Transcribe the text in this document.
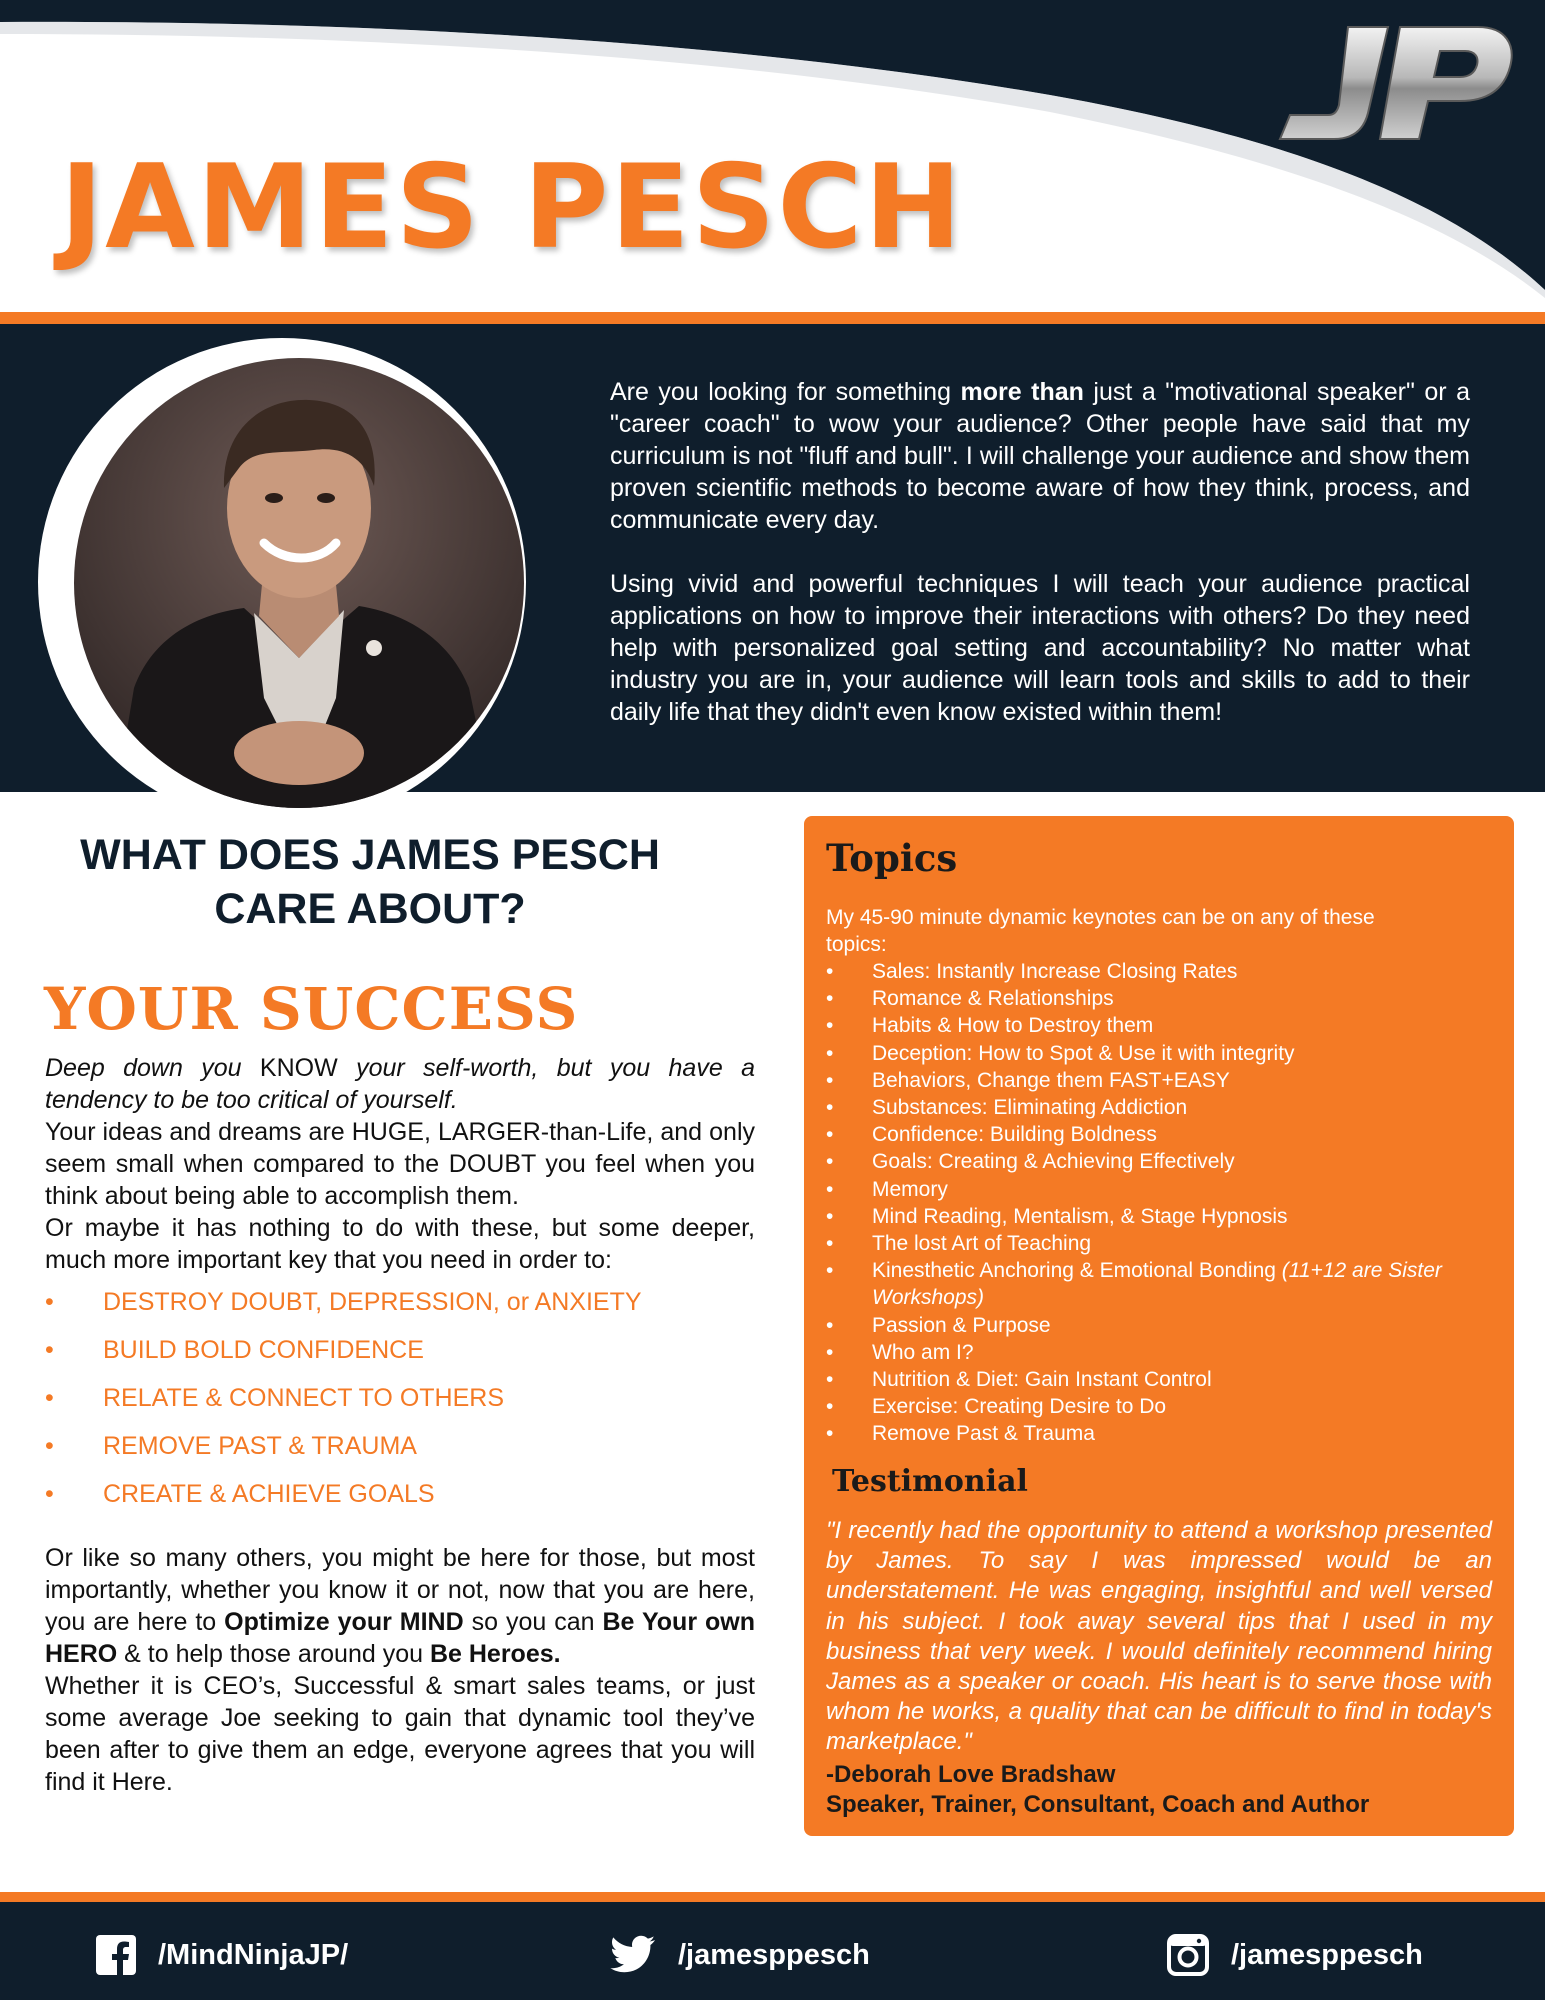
JAMES PESCH

Are you looking for something more than just a "motivational speaker" or a "career coach" to wow your audience? Other people have said that my curriculum is not "fluff and bull". I will challenge your audience and show them proven scientific methods to become aware of how they think, process, and communicate every day.

Using vivid and powerful techniques I will teach your audience practical applications on how to improve their interactions with others? Do they need help with personalized goal setting and accountability? No matter what industry you are in, your audience will learn tools and skills to add to their daily life that they didn't even know existed within them!

WHAT DOES JAMES PESCH
CARE ABOUT?
YOUR SUCCESS

Deep down you KNOW your self-worth, but you have a tendency to be too critical of yourself.

Your ideas and dreams are HUGE, LARGER-than-Life, and only seem small when compared to the DOUBT you feel when you think about being able to accomplish them.

Or maybe it has nothing to do with these, but some deeper, much more important key that you need in order to:

• DESTROY DOUBT, DEPRESSION, or ANXIETY
• BUILD BOLD CONFIDENCE
• RELATE & CONNECT TO OTHERS
• REMOVE PAST & TRAUMA
• CREATE & ACHIEVE GOALS

Or like so many others, you might be here for those, but most importantly, whether you know it or not, now that you are here, you are here to Optimize your MIND so you can Be Your own HERO & to help those around you Be Heroes.

Whether it is CEO’s, Successful & smart sales teams, or just some average Joe seeking to gain that dynamic tool they’ve been after to give them an edge, everyone agrees that you will find it Here.

Topics
My 45-90 minute dynamic keynotes can be on any of these topics:
• Sales: Instantly Increase Closing Rates
• Romance & Relationships
• Habits & How to Destroy them
• Deception: How to Spot & Use it with integrity
• Behaviors, Change them FAST+EASY
• Substances: Eliminating Addiction
• Confidence: Building Boldness
• Goals: Creating & Achieving Effectively
• Memory
• Mind Reading, Mentalism, & Stage Hypnosis
• The lost Art of Teaching
• Kinesthetic Anchoring & Emotional Bonding (11+12 are Sister Workshops)
• Passion & Purpose
• Who am I?
• Nutrition & Diet: Gain Instant Control
• Exercise: Creating Desire to Do
• Remove Past & Trauma
Testimonial
"I recently had the opportunity to attend a workshop presented by James. To say I was impressed would be an understatement. He was engaging, insightful and well versed in his subject. I took away several tips that I used in my business that very week. I would definitely recommend hiring James as a speaker or coach. His heart is to serve those with whom he works, a quality that can be difficult to find in today's marketplace."
-Deborah Love Bradshaw
Speaker, Trainer, Consultant, Coach and Author
/MindNinjaJP/	/jamesppesch	/jamesppesch
